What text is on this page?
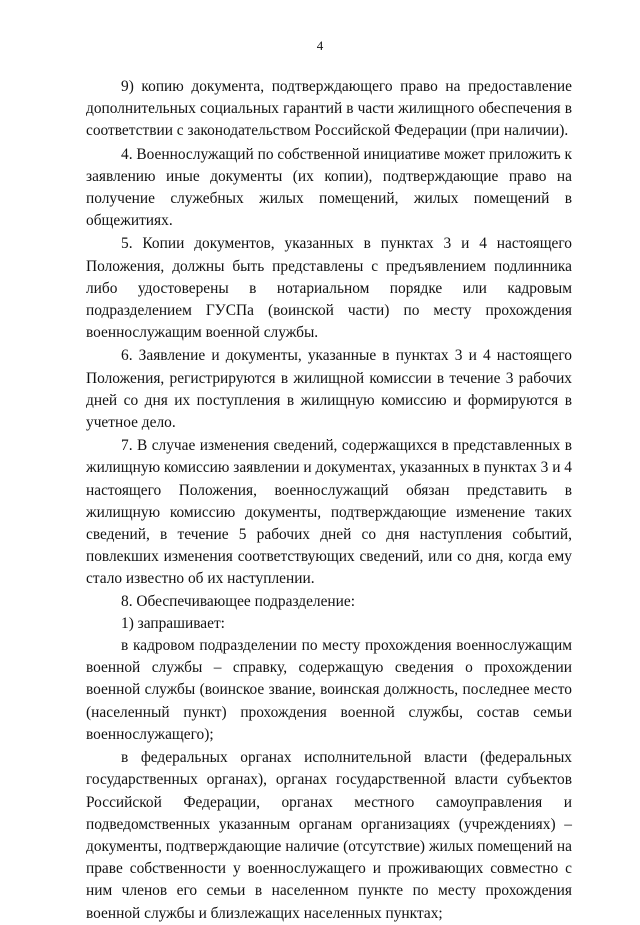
4

9) копию документа, подтверждающего право на предоставление дополнительных социальных гарантий в части жилищного обеспечения в соответствии с законодательством Российской Федерации (при наличии).

4. Военнослужащий по собственной инициативе может приложить к заявлению иные документы (их копии), подтверждающие право на получение служебных жилых помещений, жилых помещений в общежитиях.

5. Копии документов, указанных в пунктах 3 и 4 настоящего Положения, должны быть представлены с предъявлением подлинника либо удостоверены в нотариальном порядке или кадровым подразделением ГУСПа (воинской части) по месту прохождения военнослужащим военной службы.

6. Заявление и документы, указанные в пунктах 3 и 4 настоящего Положения, регистрируются в жилищной комиссии в течение 3 рабочих дней со дня их поступления в жилищную комиссию и формируются в учетное дело.

7. В случае изменения сведений, содержащихся в представленных в жилищную комиссию заявлении и документах, указанных в пунктах 3 и 4 настоящего Положения, военнослужащий обязан представить в жилищную комиссию документы, подтверждающие изменение таких сведений, в течение 5 рабочих дней со дня наступления событий, повлекших изменения соответствующих сведений, или со дня, когда ему стало известно об их наступлении.

8. Обеспечивающее подразделение:

1) запрашивает:

в кадровом подразделении по месту прохождения военнослужащим военной службы – справку, содержащую сведения о прохождении военной службы (воинское звание, воинская должность, последнее место (населенный пункт) прохождения военной службы, состав семьи военнослужащего);

в федеральных органах исполнительной власти (федеральных государственных органах), органах государственной власти субъектов Российской Федерации, органах местного самоуправления и подведомственных указанным органам организациях (учреждениях) – документы, подтверждающие наличие (отсутствие) жилых помещений на праве собственности у военнослужащего и проживающих совместно с ним членов его семьи в населенном пункте по месту прохождения военной службы и близлежащих населенных пунктах;
